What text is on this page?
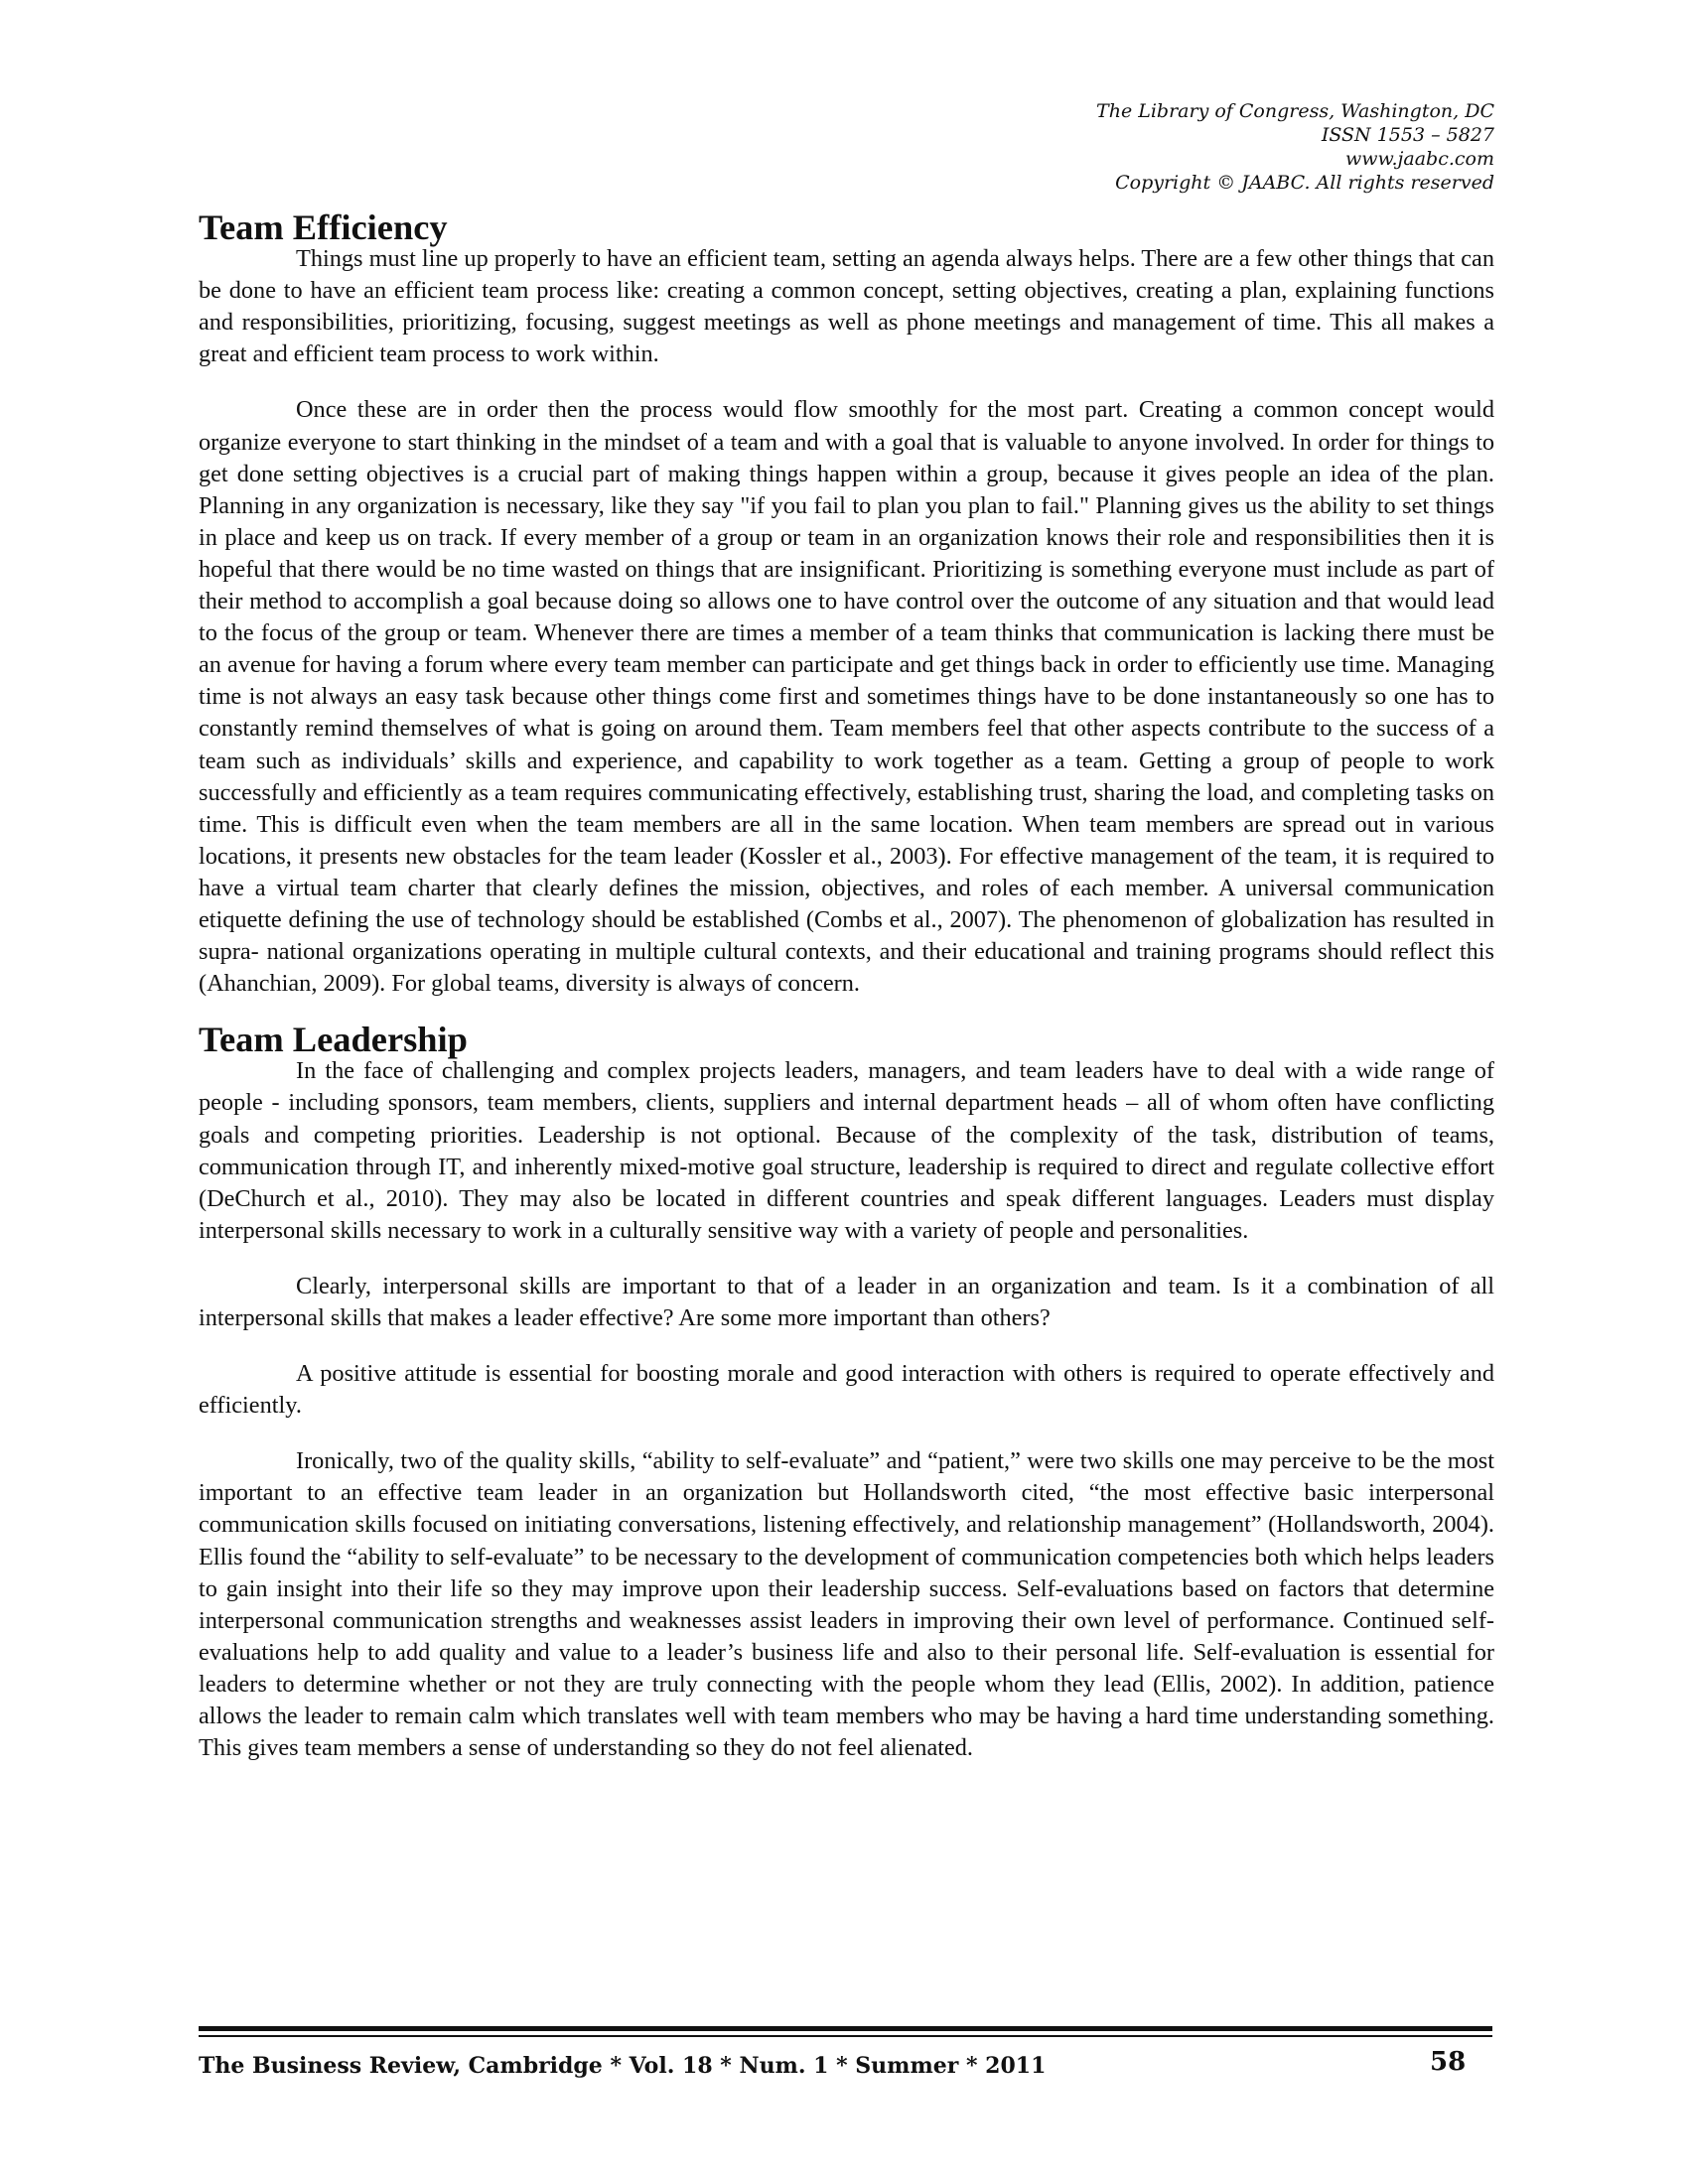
The Library of Congress, Washington, DC
ISSN 1553 – 5827
www.jaabc.com
Copyright © JAABC. All rights reserved
Team Efficiency

Things must line up properly to have an efficient team, setting an agenda always helps. There are a few other things that can be done to have an efficient team process like: creating a common concept, setting objectives, creating a plan, explaining functions and responsibilities, prioritizing, focusing, suggest meetings as well as phone meetings and management of time. This all makes a great and efficient team process to work within.

Once these are in order then the process would flow smoothly for the most part. Creating a common concept would organize everyone to start thinking in the mindset of a team and with a goal that is valuable to anyone involved. In order for things to get done setting objectives is a crucial part of making things happen within a group, because it gives people an idea of the plan. Planning in any organization is necessary, like they say "if you fail to plan you plan to fail." Planning gives us the ability to set things in place and keep us on track. If every member of a group or team in an organization knows their role and responsibilities then it is hopeful that there would be no time wasted on things that are insignificant. Prioritizing is something everyone must include as part of their method to accomplish a goal because doing so allows one to have control over the outcome of any situation and that would lead to the focus of the group or team. Whenever there are times a member of a team thinks that communication is lacking there must be an avenue for having a forum where every team member can participate and get things back in order to efficiently use time. Managing time is not always an easy task because other things come first and sometimes things have to be done instantaneously so one has to constantly remind themselves of what is going on around them. Team members feel that other aspects contribute to the success of a team such as individuals’ skills and experience, and capability to work together as a team. Getting a group of people to work successfully and efficiently as a team requires communicating effectively, establishing trust, sharing the load, and completing tasks on time. This is difficult even when the team members are all in the same location. When team members are spread out in various locations, it presents new obstacles for the team leader (Kossler et al., 2003). For effective management of the team, it is required to have a virtual team charter that clearly defines the mission, objectives, and roles of each member. A universal communication etiquette defining the use of technology should be established (Combs et al., 2007). The phenomenon of globalization has resulted in supra- national organizations operating in multiple cultural contexts, and their educational and training programs should reflect this (Ahanchian, 2009). For global teams, diversity is always of concern.

Team Leadership

In the face of challenging and complex projects leaders, managers, and team leaders have to deal with a wide range of people - including sponsors, team members, clients, suppliers and internal department heads – all of whom often have conflicting goals and competing priorities. Leadership is not optional. Because of the complexity of the task, distribution of teams, communication through IT, and inherently mixed-motive goal structure, leadership is required to direct and regulate collective effort (DeChurch et al., 2010). They may also be located in different countries and speak different languages. Leaders must display interpersonal skills necessary to work in a culturally sensitive way with a variety of people and personalities.

Clearly, interpersonal skills are important to that of a leader in an organization and team. Is it a combination of all interpersonal skills that makes a leader effective? Are some more important than others?

A positive attitude is essential for boosting morale and good interaction with others is required to operate effectively and efficiently.

Ironically, two of the quality skills, “ability to self-evaluate” and “patient,” were two skills one may perceive to be the most important to an effective team leader in an organization but Hollandsworth cited, “the most effective basic interpersonal communication skills focused on initiating conversations, listening effectively, and relationship management” (Hollandsworth, 2004). Ellis found the “ability to self-evaluate” to be necessary to the development of communication competencies both which helps leaders to gain insight into their life so they may improve upon their leadership success. Self-evaluations based on factors that determine interpersonal communication strengths and weaknesses assist leaders in improving their own level of performance. Continued self-evaluations help to add quality and value to a leader’s business life and also to their personal life. Self-evaluation is essential for leaders to determine whether or not they are truly connecting with the people whom they lead (Ellis, 2002). In addition, patience allows the leader to remain calm which translates well with team members who may be having a hard time understanding something. This gives team members a sense of understanding so they do not feel alienated.

The Business Review, Cambridge * Vol. 18 * Num. 1 * Summer * 2011	58
